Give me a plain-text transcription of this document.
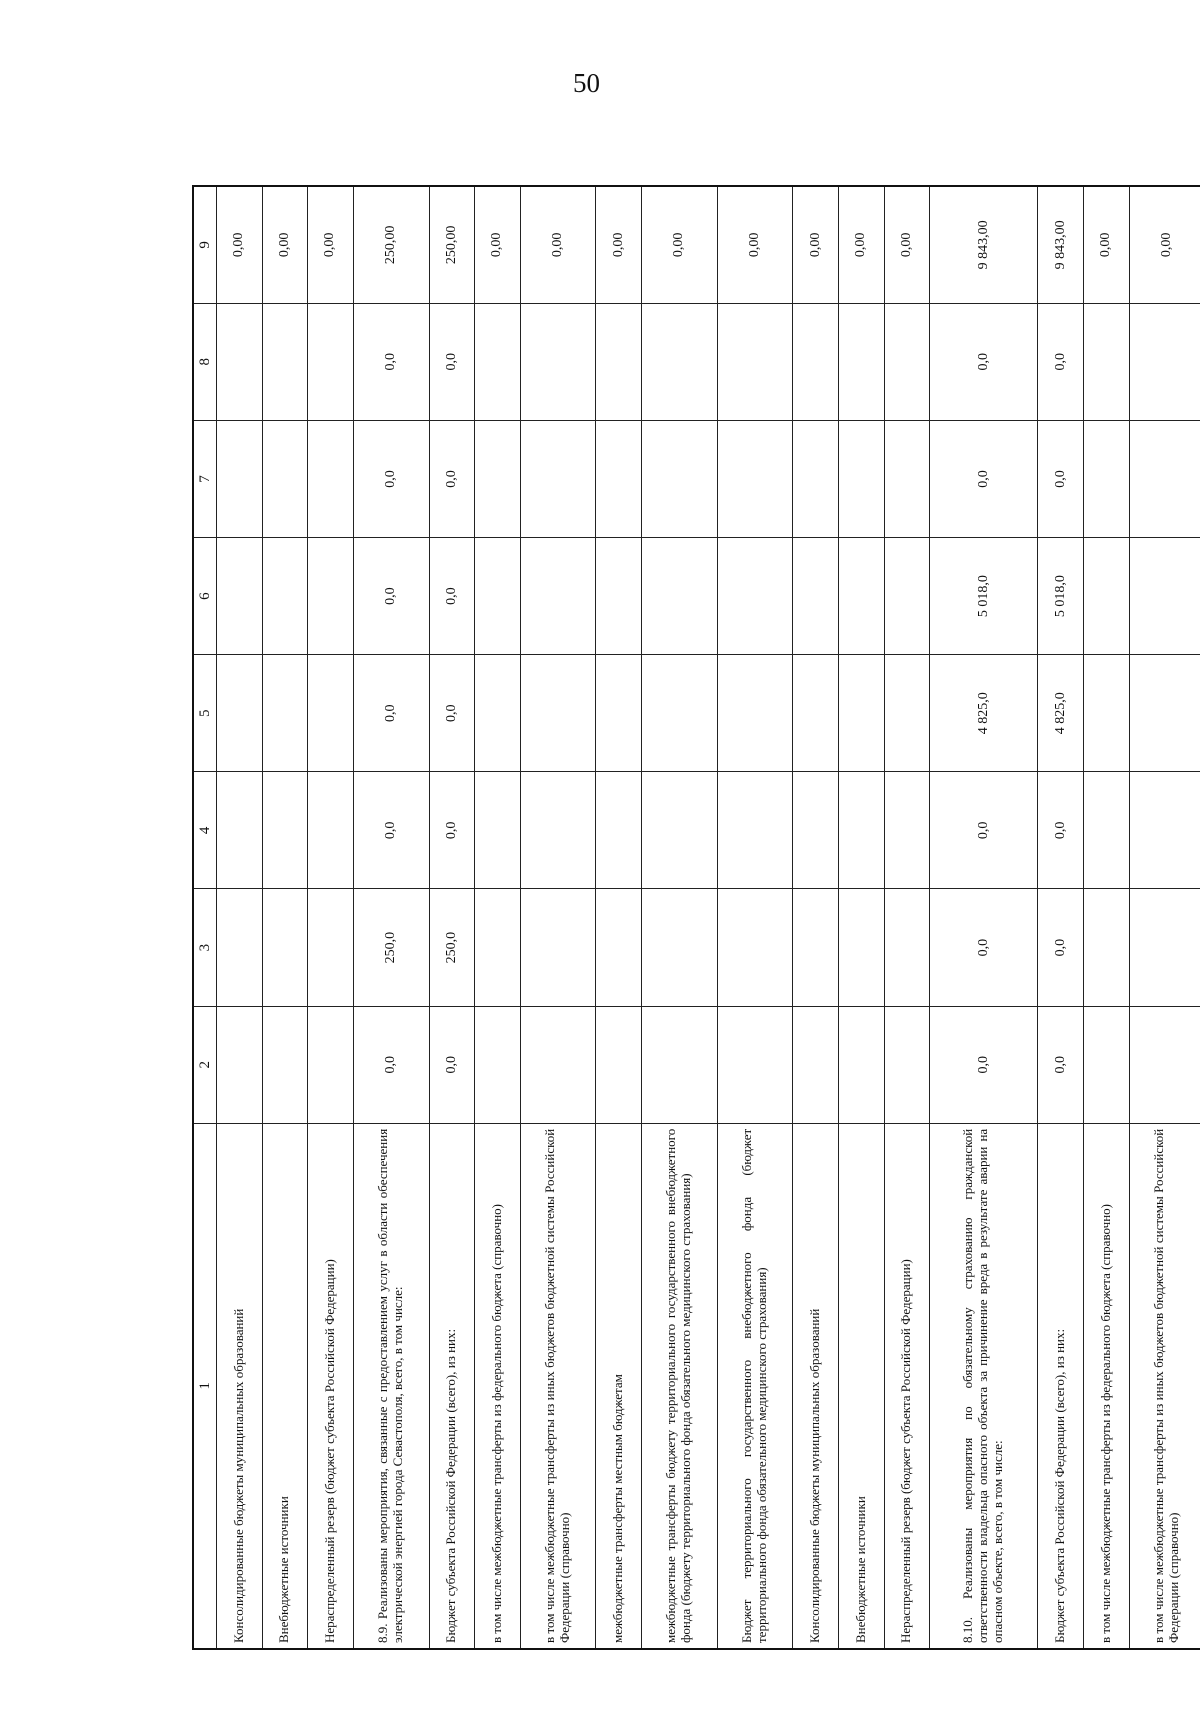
50
1	2	3	4	5	6	7	8	9
Консолидированные бюджеты муниципальных образований								0,00
Внебюджетные источники								0,00
Нераспределенный резерв (бюджет субъекта Российской Федерации)								0,00
8.9. Реализованы мероприятия, связанные с предоставлением услуг в области обеспечения электрической энергией города Севастополя, всего, в том числе:	0,0	250,0	0,0	0,0	0,0	0,0	0,0	250,00
Бюджет субъекта Российской Федерации (всего), из них:	0,0	250,0	0,0	0,0	0,0	0,0	0,0	250,00
в том числе межбюджетные трансферты из федерального бюджета (справочно)								0,00
в том числе межбюджетные трансферты из иных бюджетов бюджетной системы Российской Федерации (справочно)								0,00
межбюджетные трансферты местным бюджетам								0,00
межбюджетные трансферты бюджету территориального государственного внебюджетного фонда (бюджету территориального фонда обязательного медицинского страхования)								0,00
Бюджет территориального государственного внебюджетного фонда (бюджет территориального фонда обязательного медицинского страхования)								0,00
Консолидированные бюджеты муниципальных образований								0,00
Внебюджетные источники								0,00
Нераспределенный резерв (бюджет субъекта Российской Федерации)								0,00
8.10. Реализованы мероприятия по обязательному страхованию гражданской ответственности владельца опасного объекта за причинение вреда в результате аварии на опасном объекте, всего, в том числе:	0,0	0,0	0,0	4 825,0	5 018,0	0,0	0,0	9 843,00
Бюджет субъекта Российской Федерации (всего), из них:	0,0	0,0	0,0	4 825,0	5 018,0	0,0	0,0	9 843,00
в том числе межбюджетные трансферты из федерального бюджета (справочно)								0,00
в том числе межбюджетные трансферты из иных бюджетов бюджетной системы Российской Федерации (справочно)								0,00
